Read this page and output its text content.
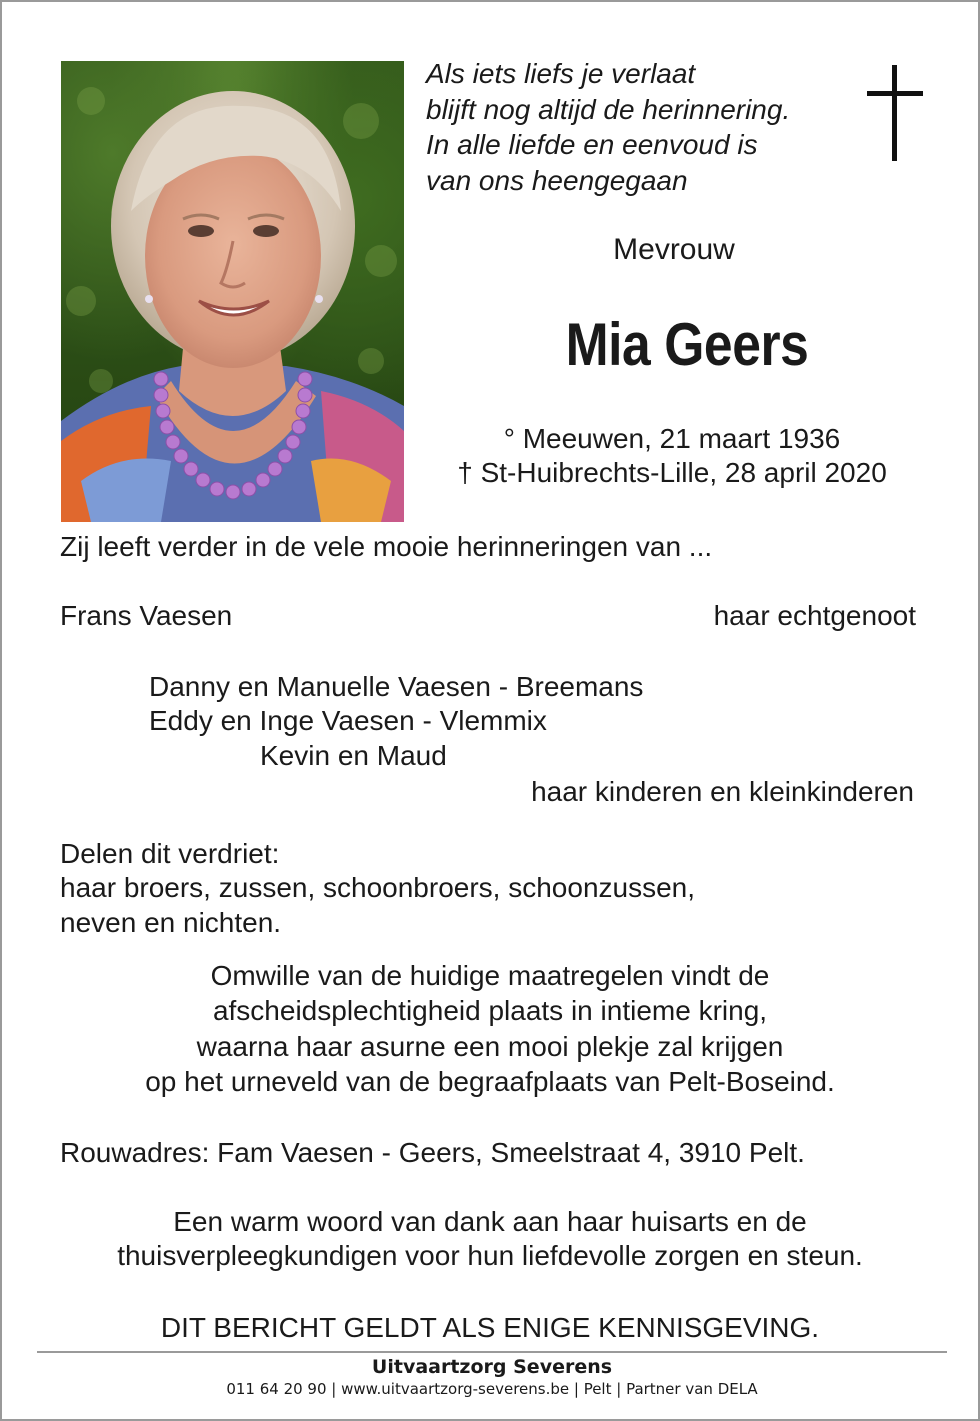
Als iets liefs je verlaat
blijft nog altijd de herinnering.
In alle liefde en eenvoud is
van ons heengegaan
Mevrouw
Mia Geers
° Meeuwen, 21 maart 1936
† St-Huibrechts-Lille, 28 april 2020
Zij leeft verder in de vele mooie herinneringen van ...
Frans Vaesen	haar echtgenoot
Danny en Manuelle Vaesen - Breemans
Eddy en Inge Vaesen - Vlemmix
Kevin en Maud
haar kinderen en kleinkinderen
Delen dit verdriet:
haar broers, zussen, schoonbroers, schoonzussen,
neven en nichten.
Omwille van de huidige maatregelen vindt de
afscheidsplechtigheid plaats in intieme kring,
waarna haar asurne een mooi plekje zal krijgen
op het urneveld van de begraafplaats van Pelt-Boseind.
Rouwadres: Fam Vaesen - Geers, Smeelstraat 4, 3910 Pelt.
Een warm woord van dank aan haar huisarts en de
thuisverpleegkundigen voor hun liefdevolle zorgen en steun.
DIT BERICHT GELDT ALS ENIGE KENNISGEVING.
Uitvaartzorg Severens
011 64 20 90 | www.uitvaartzorg-severens.be | Pelt | Partner van DELA
